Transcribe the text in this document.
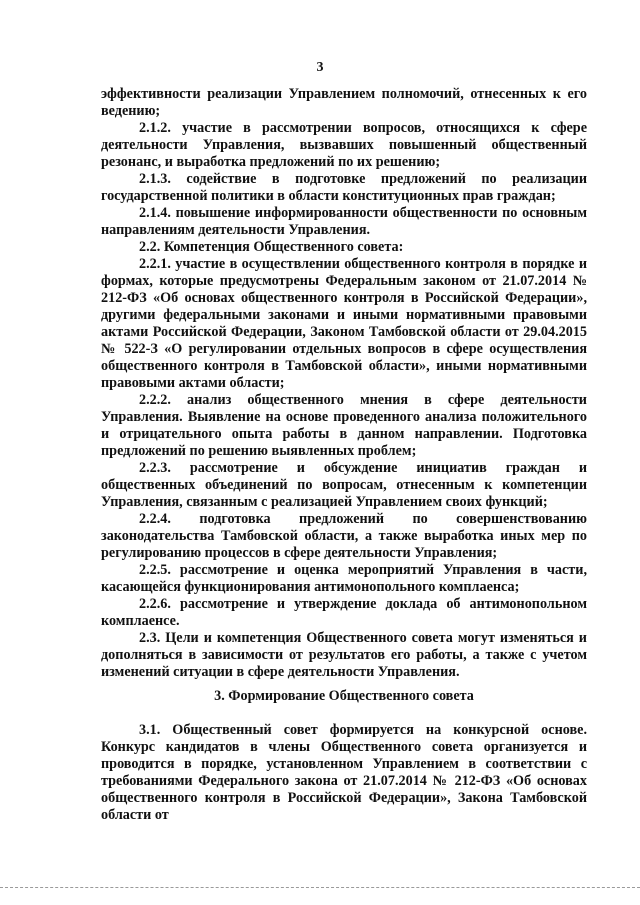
3

эффективности реализации Управлением полномочий, отнесенных к его ведению;

2.1.2. участие в рассмотрении вопросов, относящихся к сфере деятельности Управления, вызвавших повышенный общественный резонанс, и выработка предложений по их решению;

2.1.3. содействие в подготовке предложений по реализации государственной политики в области конституционных прав граждан;

2.1.4. повышение информированности общественности по основным направлениям деятельности Управления.

2.2. Компетенция Общественного совета:

2.2.1. участие в осуществлении общественного контроля в порядке и формах, которые предусмотрены Федеральным законом от 21.07.2014 № 212-ФЗ «Об основах общественного контроля в Российской Федерации», другими федеральными законами и иными нормативными правовыми актами Российской Федерации, Законом Тамбовской области от 29.04.2015 № 522-З «О регулировании отдельных вопросов в сфере осуществления общественного контроля в Тамбовской области», иными нормативными правовыми актами области;

2.2.2. анализ общественного мнения в сфере деятельности Управления. Выявление на основе проведенного анализа положительного и отрицательного опыта работы в данном направлении. Подготовка предложений по решению выявленных проблем;

2.2.3. рассмотрение и обсуждение инициатив граждан и общественных объединений по вопросам, отнесенным к компетенции Управления, связанным с реализацией Управлением своих функций;

2.2.4. подготовка предложений по совершенствованию законодательства Тамбовской области, а также выработка иных мер по регулированию процессов в сфере деятельности Управления;

2.2.5. рассмотрение и оценка мероприятий Управления в части, касающейся функционирования антимонопольного комплаенса;

2.2.6. рассмотрение и утверждение доклада об антимонопольном комплаенсе.

2.3. Цели и компетенция Общественного совета могут изменяться и дополняться в зависимости от результатов его работы, а также с учетом изменений ситуации в сфере деятельности Управления.

3. Формирование Общественного совета

3.1. Общественный совет формируется на конкурсной основе. Конкурс кандидатов в члены Общественного совета организуется и проводится в порядке, установленном Управлением в соответствии с требованиями Федерального закона от 21.07.2014 № 212-ФЗ «Об основах общественного контроля в Российской Федерации», Закона Тамбовской области от
